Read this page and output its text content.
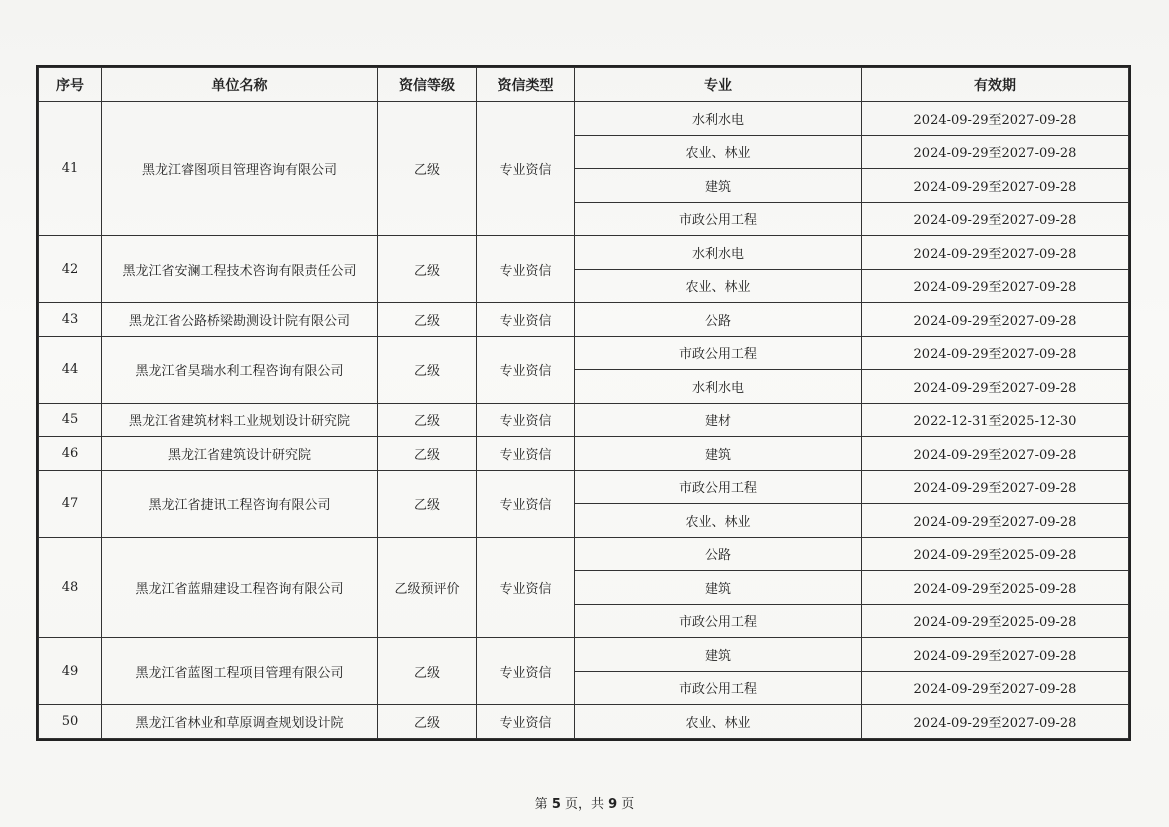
序号	单位名称	资信等级	资信类型	专业	有效期
41	黑龙江睿图项目管理咨询有限公司	乙级	专业资信	水利水电	2024-09-29至2027-09-28
				农业、林业	2024-09-29至2027-09-28
				建筑	2024-09-29至2027-09-28
				市政公用工程	2024-09-29至2027-09-28
42	黑龙江省安澜工程技术咨询有限责任公司	乙级	专业资信	水利水电	2024-09-29至2027-09-28
				农业、林业	2024-09-29至2027-09-28
43	黑龙江省公路桥梁勘测设计院有限公司	乙级	专业资信	公路	2024-09-29至2027-09-28
44	黑龙江省昊瑞水利工程咨询有限公司	乙级	专业资信	市政公用工程	2024-09-29至2027-09-28
				水利水电	2024-09-29至2027-09-28
45	黑龙江省建筑材料工业规划设计研究院	乙级	专业资信	建材	2022-12-31至2025-12-30
46	黑龙江省建筑设计研究院	乙级	专业资信	建筑	2024-09-29至2027-09-28
47	黑龙江省捷讯工程咨询有限公司	乙级	专业资信	市政公用工程	2024-09-29至2027-09-28
				农业、林业	2024-09-29至2027-09-28
48	黑龙江省蓝鼎建设工程咨询有限公司	乙级预评价	专业资信	公路	2024-09-29至2025-09-28
				建筑	2024-09-29至2025-09-28
				市政公用工程	2024-09-29至2025-09-28
49	黑龙江省蓝图工程项目管理有限公司	乙级	专业资信	建筑	2024-09-29至2027-09-28
				市政公用工程	2024-09-29至2027-09-28
50	黑龙江省林业和草原调查规划设计院	乙级	专业资信	农业、林业	2024-09-29至2027-09-28
第 5 页，共 9 页
